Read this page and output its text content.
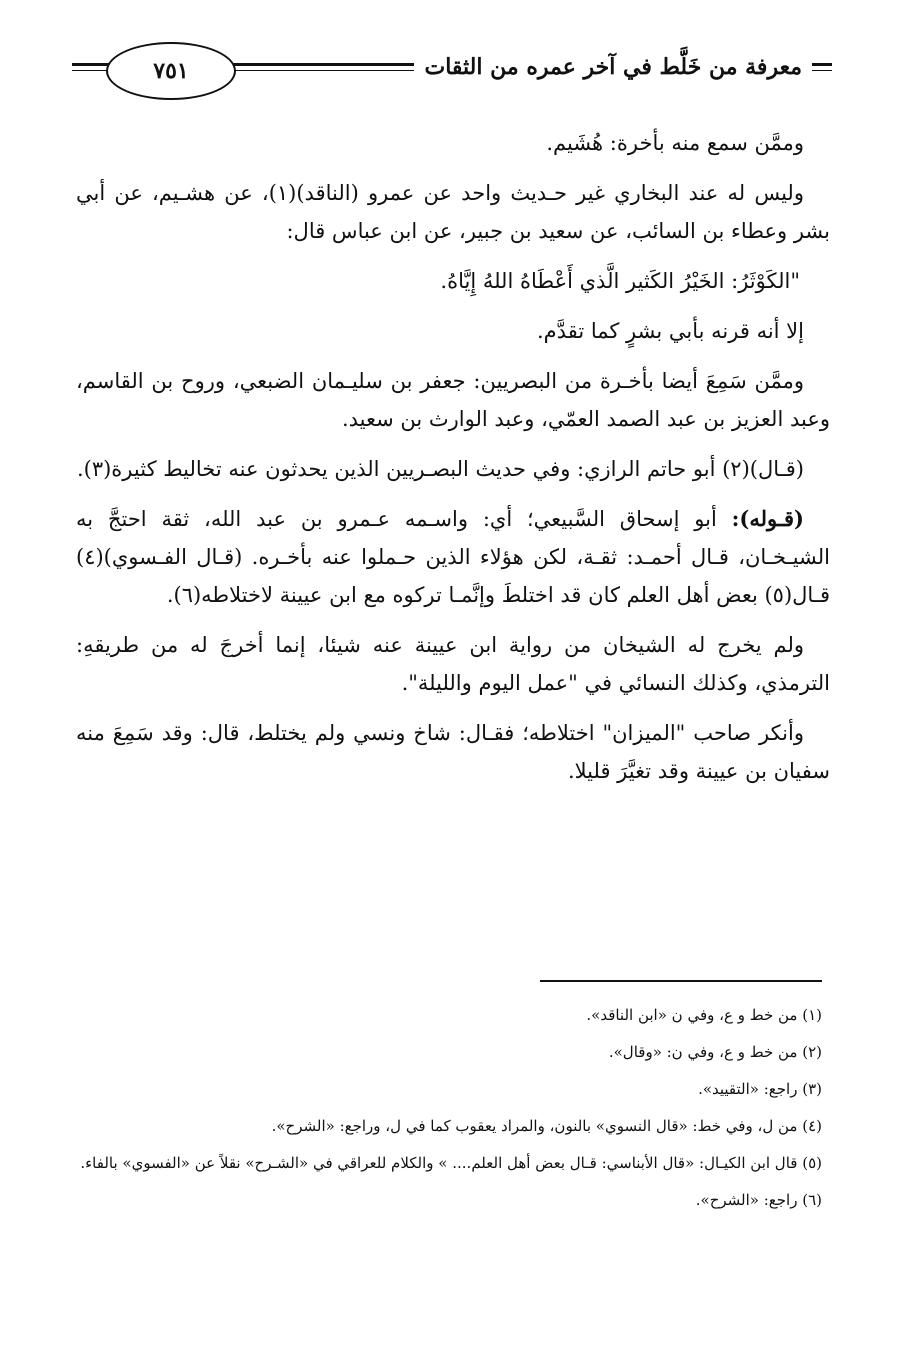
معرفة من خَلَّط في آخر عمره من الثقات
٧٥١

وممَّن سمع منه بأخرة: هُشَيم.

وليس له عند البخاري غير حـديث واحد عن عمرو (الناقد)(١)، عن هشـيم، عن أبي بشر وعطاء بن السائب، عن سعيد بن جبير، عن ابن عباس قال:

"الكَوْثَرُ: الخَيْرُ الكَثير الَّذي أَعْطَاهُ اللهُ إِيَّاهُ.

إلا أنه قرنه بأبي بشرٍ كما تقدَّم.

وممَّن سَمِعَ أيضا بأخـرة من البصريين: جعفر بن سليـمان الضبعي، وروح بن القاسم، وعبد العزيز بن عبد الصمد العمّي، وعبد الوارث بن سعيد.

(قـال)(٢) أبو حاتم الرازي: وفي حديث البصـريين الذين يحدثون عنه تخاليط كثيرة(٣).

(قـوله): أبو إسحاق السَّبيعي؛ أي: واسـمه عـمرو بن عبد الله، ثقة احتجَّ به الشيـخـان، قـال أحمـد: ثقـة، لكن هؤلاء الذين حـملوا عنه بأخـره. (قـال الفـسوي)(٤) قـال(٥) بعض أهل العلم كان قد اختلطَ وإنَّمـا تركوه مع ابن عيينة لاختلاطه(٦).

ولم يخرج له الشيخان من رواية ابن عيينة عنه شيئا، إنما أخرجَ له من طريقهِ: الترمذي، وكذلك النسائي في "عمل اليوم والليلة".

وأنكر صاحب "الميزان" اختلاطه؛ فقـال: شاخ ونسي ولم يختلط، قال: وقد سَمِعَ منه سفيان بن عيينة وقد تغيَّرَ قليلا.

(١) من خط و ع، وفي ن «ابن الناقد».
(٢) من خط و ع، وفي ن: «وقال».
(٣) راجع: «التقييد».
(٤) من ل، وفي خط: «قال النسوي» بالنون، والمراد يعقوب كما في ل، وراجع: «الشرح».
(٥) قال ابن الكيـال: «قال الأبناسي: قـال بعض أهل العلم.... » والكلام للعراقي في «الشـرح» نقلاً عن «الفسوي» بالفاء.
(٦) راجع: «الشرح».
